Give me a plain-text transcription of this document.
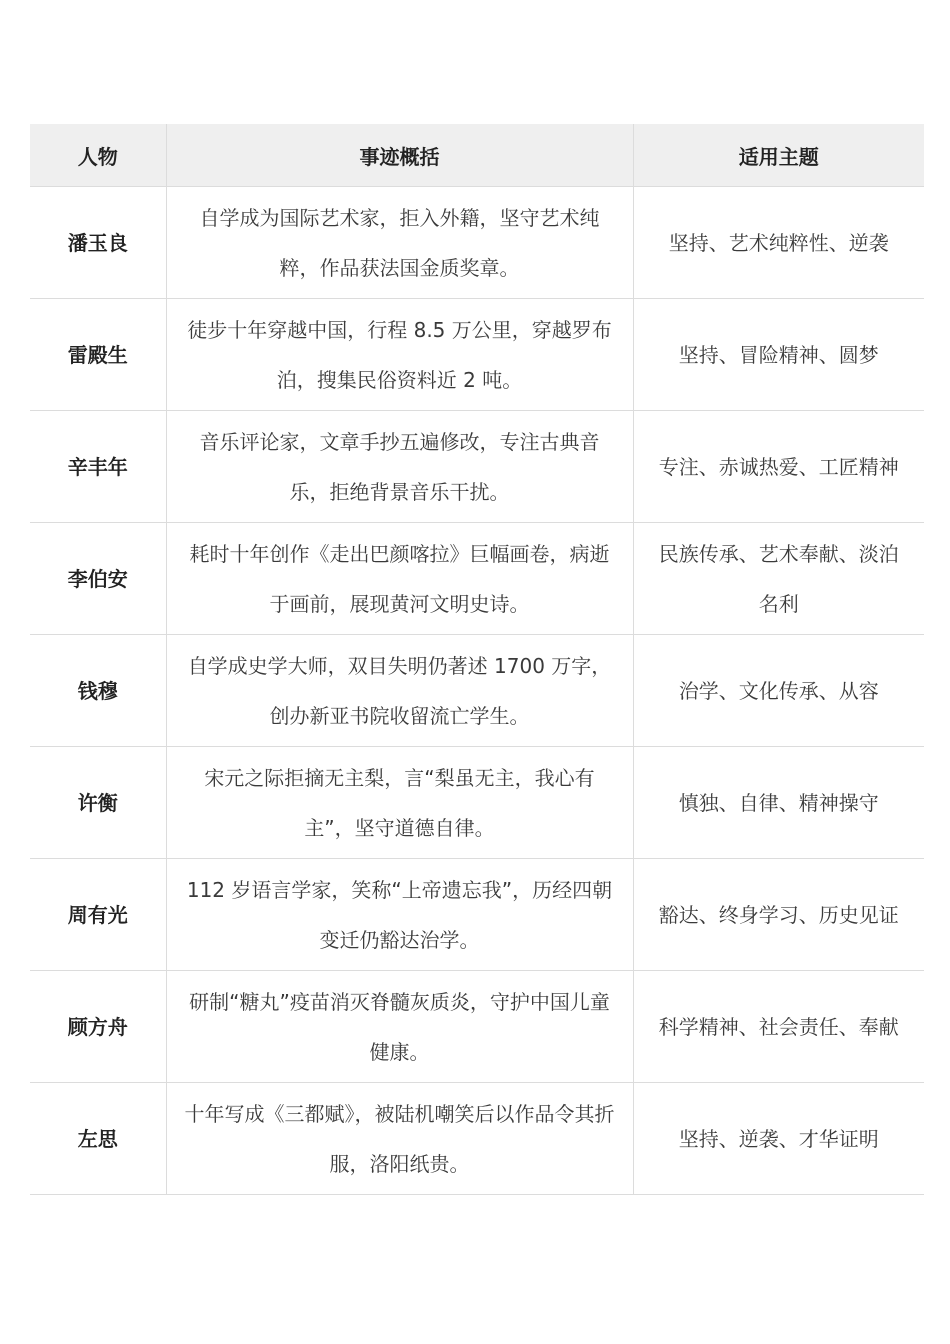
人物	事迹概括	适用主题
潘玉良	自学成为国际艺术家，拒入外籍，坚守艺术纯粹，作品获法国金质奖章。	坚持、艺术纯粹性、逆袭
雷殿生	徒步十年穿越中国，行程 8.5 万公里，穿越罗布泊，搜集民俗资料近 2 吨。	坚持、冒险精神、圆梦
辛丰年	音乐评论家，文章手抄五遍修改，专注古典音乐，拒绝背景音乐干扰。	专注、赤诚热爱、工匠精神
李伯安	耗时十年创作《走出巴颜喀拉》巨幅画卷，病逝于画前，展现黄河文明史诗。	民族传承、艺术奉献、淡泊名利
钱穆	自学成史学大师，双目失明仍著述 1700 万字，创办新亚书院收留流亡学生。	治学、文化传承、从容
许衡	宋元之际拒摘无主梨，言“梨虽无主，我心有主”，坚守道德自律。	慎独、自律、精神操守
周有光	112 岁语言学家，笑称“上帝遗忘我”，历经四朝变迁仍豁达治学。	豁达、终身学习、历史见证
顾方舟	研制“糖丸”疫苗消灭脊髓灰质炎，守护中国儿童健康。	科学精神、社会责任、奉献
左思	十年写成《三都赋》，被陆机嘲笑后以作品令其折服，洛阳纸贵。	坚持、逆袭、才华证明
